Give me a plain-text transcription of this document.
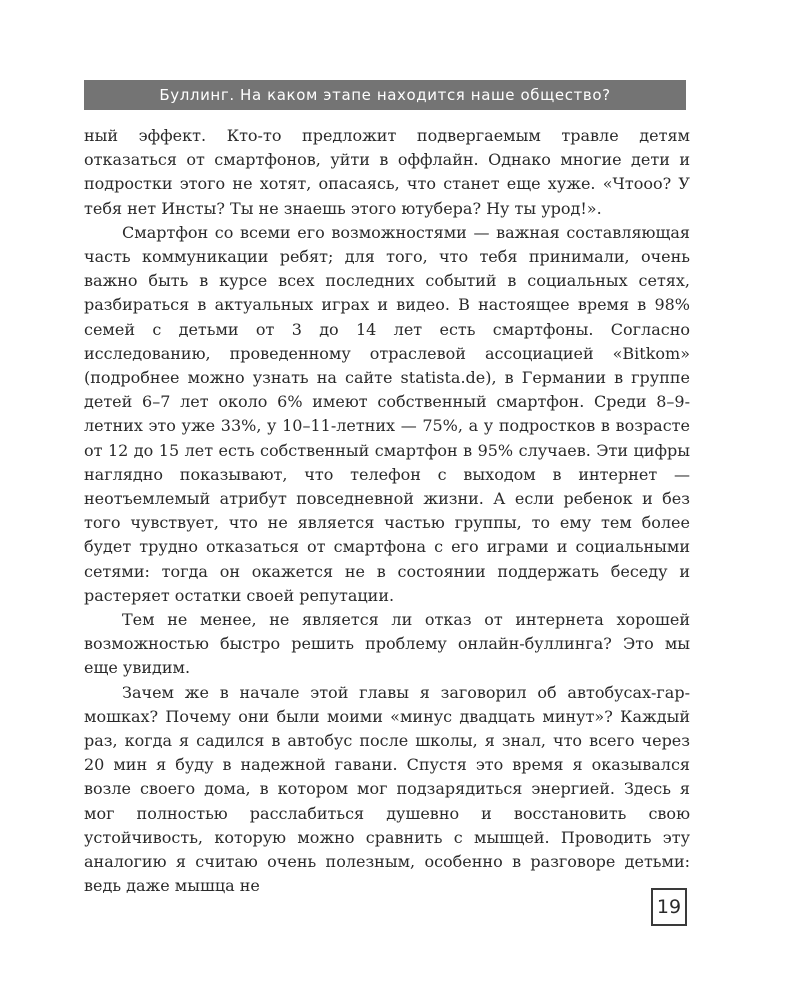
Буллинг. На каком этапе находится наше общество?

ный эффект. Кто-то предложит подвергаемым травле детям отказаться от смартфонов, уйти в оффлайн. Однако многие дети и подростки этого не хотят, опасаясь, что станет еще хуже. «Чтооо? У тебя нет Инсты? Ты не знаешь этого ютубера? Ну ты урод!».

Смартфон со всеми его возможностями — важная составляющая часть коммуникации ребят; для того, что тебя принимали, очень важно быть в курсе всех последних событий в социальных сетях, разбираться в актуальных играх и видео. В настоящее время в 98% семей с детьми от 3 до 14 лет есть смартфоны. Согласно исследованию, проведенному отраслевой ассоциацией «Bitkom» (подробнее можно узнать на сайте statista.de), в Германии в группе детей 6–7 лет около 6% имеют собственный смартфон. Среди 8–9-летних это уже 33%, у 10–11-летних — 75%, а у подростков в возрасте от 12 до 15 лет есть собственный смартфон в 95% случаев. Эти цифры наглядно показывают, что телефон с выходом в интернет — неотъемлемый атрибут повседневной жизни. А если ребенок и без того чувствует, что не является частью группы, то ему тем более будет трудно отказаться от смартфона с его играми и социальными сетями: тогда он окажется не в состоянии поддержать беседу и растеряет остатки своей репутации.

Тем не менее, не является ли отказ от интернета хорошей возможностью быстро решить проблему онлайн-буллинга? Это мы еще увидим.

Зачем же в начале этой главы я заговорил об автобусах-гармошках? Почему они были моими «минус двадцать минут»? Каждый раз, когда я садился в автобус после школы, я знал, что всего через 20 мин я буду в надежной гавани. Спустя это время я оказывался возле своего дома, в котором мог подзарядиться энергией. Здесь я мог полностью расслабиться душевно и восстановить свою устойчивость, которую можно сравнить с мышцей. Проводить эту аналогию я считаю очень полезным, особенно в разговоре детьми: ведь даже мышца не

19
